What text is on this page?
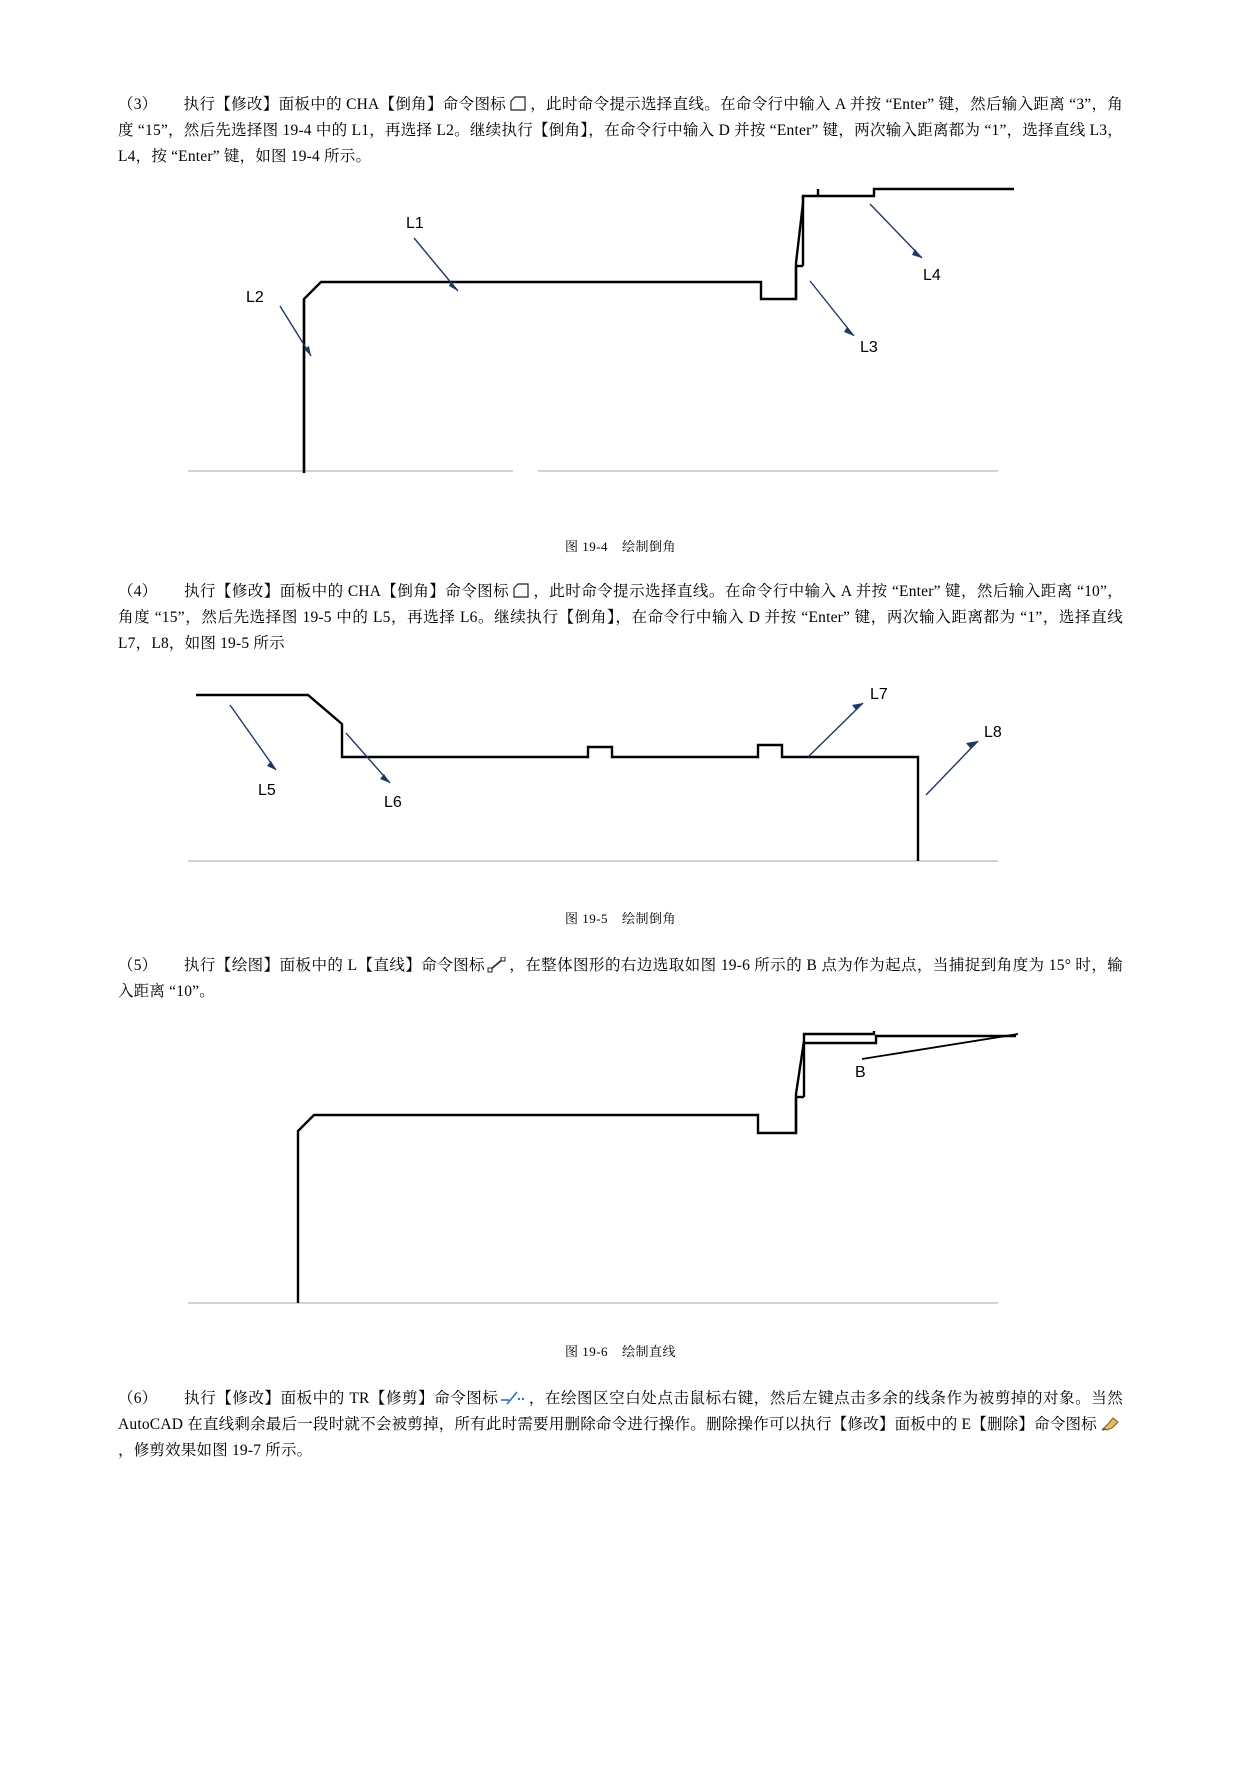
（3） 执行【修改】面板中的 CHA【倒角】命令图标 ，此时命令提示选择直线。在命令行中输入 A 并按 “Enter” 键，然后输入距离 “3”，角度 “15”，然后先选择图 19-4 中的 L1，再选择 L2。继续执行【倒角】，在命令行中输入 D 并按 “Enter” 键，两次输入距离都为 “1”，选择直线 L3，L4，按 “Enter” 键，如图 19-4 所示。

L1
L2
L3
L4
图 19-4 绘制倒角

（4） 执行【修改】面板中的 CHA【倒角】命令图标 ，此时命令提示选择直线。在命令行中输入 A 并按 “Enter” 键，然后输入距离 “10”，角度 “15”，然后先选择图 19-5 中的 L5，再选择 L6。继续执行【倒角】，在命令行中输入 D 并按 “Enter” 键，两次输入距离都为 “1”，选择直线 L7，L8，如图 19-5 所示

L5
L6
L7
L8
图 19-5 绘制倒角

（5） 执行【绘图】面板中的 L【直线】命令图标 ，在整体图形的右边选取如图 19-6 所示的 B 点为作为起点，当捕捉到角度为 15° 时，输入距离 “10”。

B
图 19-6 绘制直线

（6） 执行【修改】面板中的 TR【修剪】命令图标 ，在绘图区空白处点击鼠标右键，然后左键点击多余的线条作为被剪掉的对象。当然 AutoCAD 在直线剩余最后一段时就不会被剪掉，所有此时需要用删除命令进行操作。删除操作可以执行【修改】面板中的 E【删除】命令图标
，修剪效果如图 19-7 所示。
